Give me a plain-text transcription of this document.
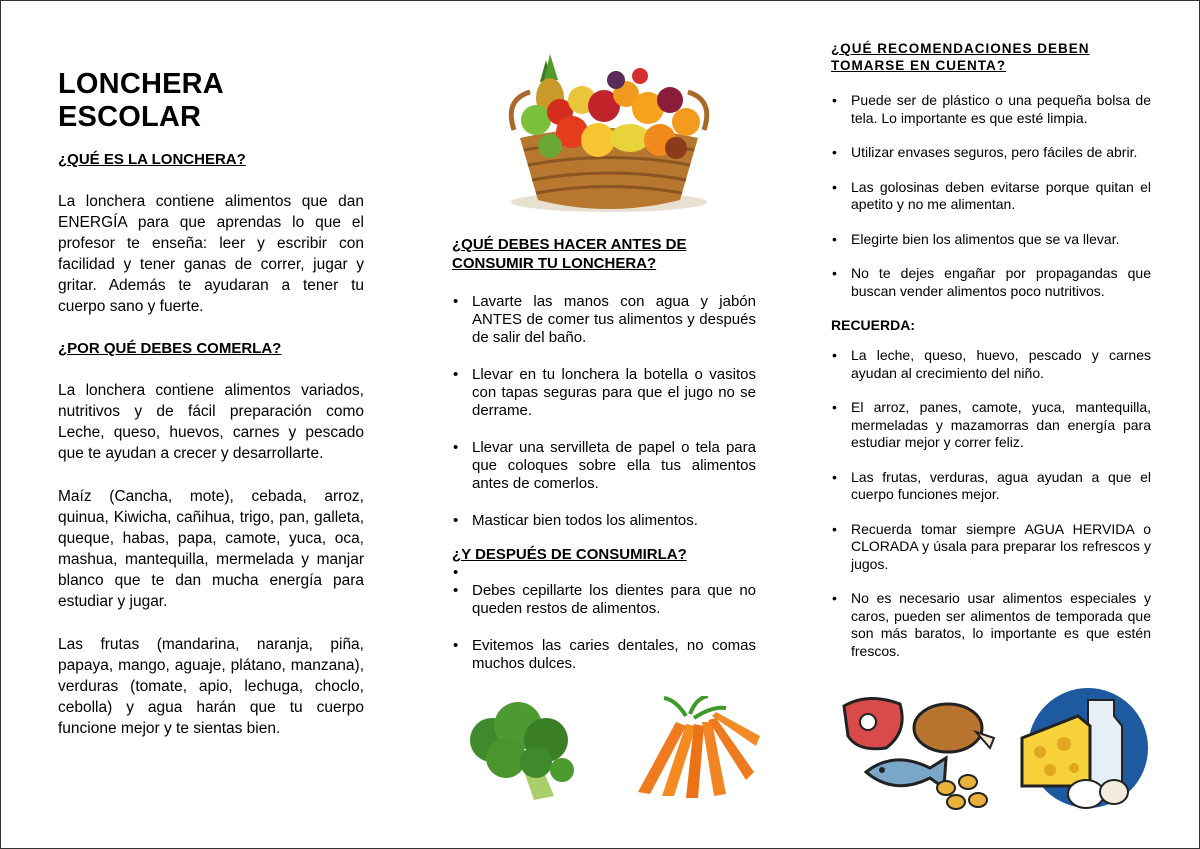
LONCHERA ESCOLAR
¿QUÉ ES LA LONCHERA?
La lonchera contiene alimentos que dan ENERGÍA para que aprendas lo que el profesor te enseña: leer y escribir con facilidad y tener ganas de correr, jugar y gritar. Además te ayudaran a tener tu cuerpo sano y fuerte.
¿POR QUÉ DEBES COMERLA?
La lonchera contiene alimentos variados, nutritivos y de fácil preparación como Leche, queso, huevos, carnes y pescado que te ayudan a crecer y desarrollarte.
Maíz (Cancha, mote), cebada, arroz, quinua, Kiwicha, cañihua, trigo, pan, galleta, queque, habas, papa, camote, yuca, oca, mashua, mantequilla, mermelada y manjar blanco que te dan mucha energía para estudiar y jugar.
Las frutas (mandarina, naranja, piña, papaya, mango, aguaje, plátano, manzana), verduras (tomate, apio, lechuga, choclo, cebolla) y agua harán que tu cuerpo funcione mejor y te sientas bien.
¿QUÉ DEBES HACER ANTES DE CONSUMIR TU LONCHERA?
• Lavarte las manos con agua y jabón ANTES de comer tus alimentos y después de salir del baño.
• Llevar en tu lonchera la botella o vasitos con tapas seguras para que el jugo no se derrame.
• Llevar una servilleta de papel o tela para que coloques sobre ella tus alimentos antes de comerlos.
• Masticar bien todos los alimentos.
¿Y DESPUÉS DE CONSUMIRLA?
•
• Debes cepillarte los dientes para que no queden restos de alimentos.
• Evitemos las caries dentales, no comas muchos dulces.
¿QUÉ RECOMENDACIONES DEBEN TOMARSE EN CUENTA?
• Puede ser de plástico o una pequeña bolsa de tela. Lo importante es que esté limpia.
• Utilizar envases seguros, pero fáciles de abrir.
• Las golosinas deben evitarse porque quitan el apetito y no me alimentan.
• Elegirte bien los alimentos que se va llevar.
• No te dejes engañar por propagandas que buscan vender alimentos poco nutritivos.
RECUERDA:
• La leche, queso, huevo, pescado y carnes ayudan al crecimiento del niño.
• El arroz, panes, camote, yuca, mantequilla, mermeladas y mazamorras dan energía para estudiar mejor y correr feliz.
• Las frutas, verduras, agua ayudan a que el cuerpo funciones mejor.
• Recuerda tomar siempre AGUA HERVIDA o CLORADA y úsala para preparar los refrescos y jugos.
• No es necesario usar alimentos especiales y caros, pueden ser alimentos de temporada que son más baratos, lo importante es que estén frescos.
